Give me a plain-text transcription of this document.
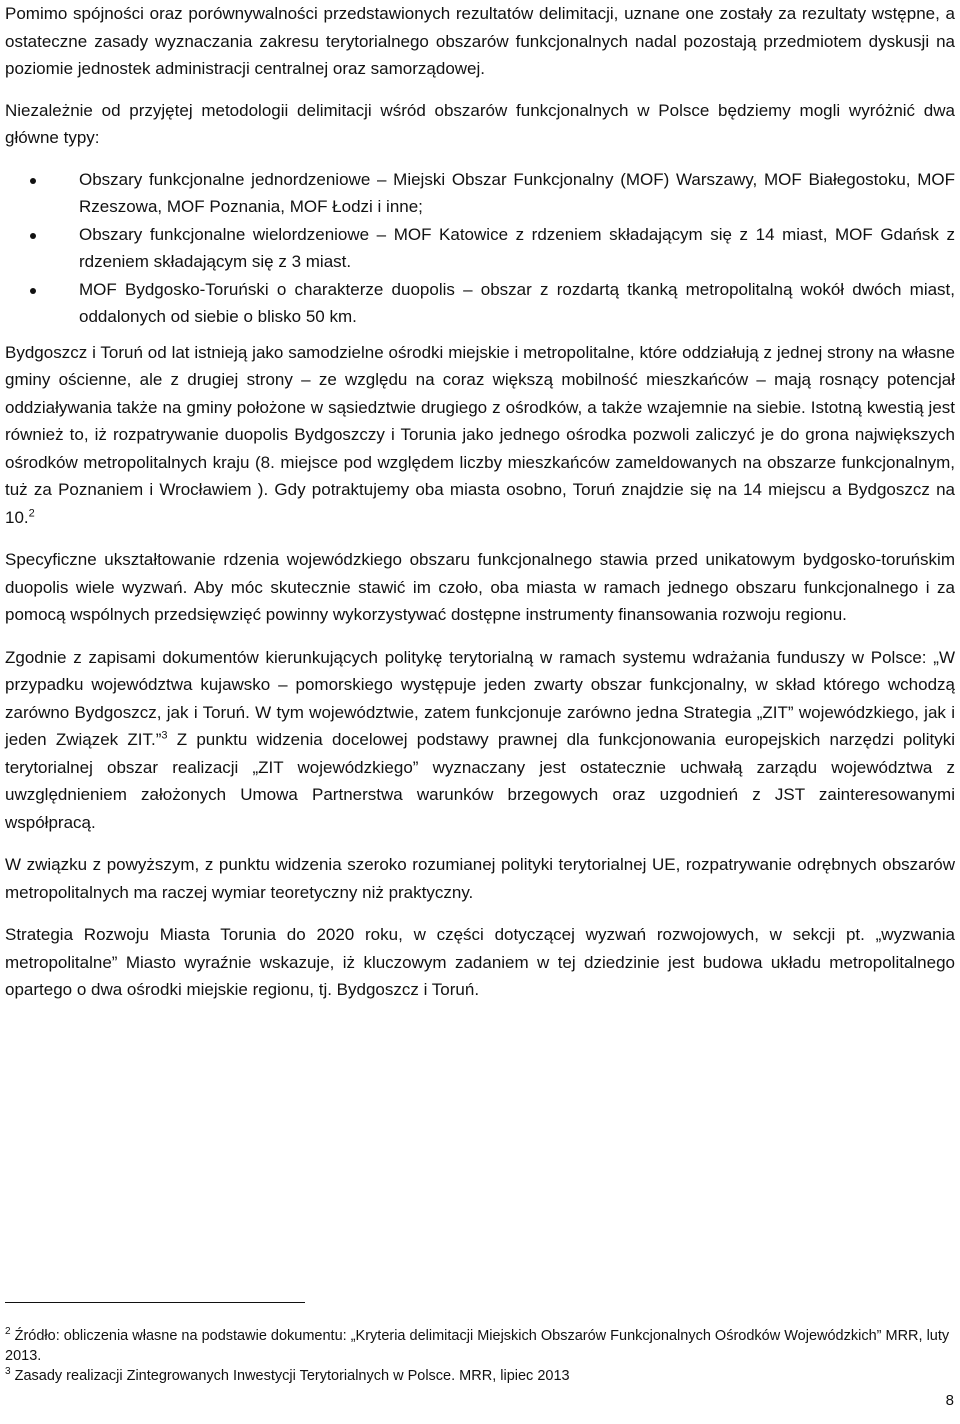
Pomimo spójności oraz porównywalności przedstawionych rezultatów delimitacji, uznane one zostały za rezultaty wstępne, a ostateczne zasady wyznaczania zakresu terytorialnego obszarów funkcjonalnych nadal pozostają przedmiotem dyskusji na poziomie jednostek administracji centralnej oraz samorządowej.

Niezależnie od przyjętej metodologii delimitacji wśród obszarów funkcjonalnych w Polsce będziemy mogli wyróżnić dwa główne typy:

Obszary funkcjonalne jednordzeniowe – Miejski Obszar Funkcjonalny (MOF) Warszawy, MOF Białegostoku, MOF Rzeszowa, MOF Poznania, MOF Łodzi i inne;
Obszary funkcjonalne wielordzeniowe – MOF Katowice z rdzeniem składającym się z 14 miast, MOF Gdańsk z rdzeniem składającym się z 3 miast.
MOF Bydgosko-Toruński o charakterze duopolis – obszar z rozdartą tkanką metropolitalną wokół dwóch miast, oddalonych od siebie o blisko 50 km.

Bydgoszcz i Toruń od lat istnieją jako samodzielne ośrodki miejskie i metropolitalne, które oddziałują z jednej strony na własne gminy ościenne, ale z drugiej strony – ze względu na coraz większą mobilność mieszkańców – mają rosnący potencjał oddziaływania także na gminy położone w sąsiedztwie drugiego z ośrodków, a także wzajemnie na siebie. Istotną kwestią jest również to, iż rozpatrywanie duopolis Bydgoszczy i Torunia jako jednego ośrodka pozwoli zaliczyć je do grona największych ośrodków metropolitalnych kraju (8. miejsce pod względem liczby mieszkańców zameldowanych na obszarze funkcjonalnym, tuż za Poznaniem i Wrocławiem ). Gdy potraktujemy oba miasta osobno, Toruń znajdzie się na 14 miejscu a Bydgoszcz na 10.$^2$

Specyficzne ukształtowanie rdzenia wojewódzkiego obszaru funkcjonalnego stawia przed unikatowym bydgosko-toruńskim duopolis wiele wyzwań. Aby móc skutecznie stawić im czoło, oba miasta w ramach jednego obszaru funkcjonalnego i za pomocą wspólnych przedsięwzięć powinny wykorzystywać dostępne instrumenty finansowania rozwoju regionu.

Zgodnie z zapisami dokumentów kierunkujących politykę terytorialną w ramach systemu wdrażania funduszy w Polsce: „W przypadku województwa kujawsko – pomorskiego występuje jeden zwarty obszar funkcjonalny, w skład którego wchodzą zarówno Bydgoszcz, jak i Toruń. W tym województwie, zatem funkcjonuje zarówno jedna Strategia „ZIT” wojewódzkiego, jak i jeden Związek ZIT.”$^3$ Z punktu widzenia docelowej podstawy prawnej dla funkcjonowania europejskich narzędzi polityki terytorialnej obszar realizacji „ZIT wojewódzkiego” wyznaczany jest ostatecznie uchwałą zarządu województwa z uwzględnieniem założonych Umowa Partnerstwa warunków brzegowych oraz uzgodnień z JST zainteresowanymi współpracą.

W związku z powyższym, z punktu widzenia szeroko rozumianej polityki terytorialnej UE, rozpatrywanie odrębnych obszarów metropolitalnych ma raczej wymiar teoretyczny niż praktyczny.

Strategia Rozwoju Miasta Torunia do 2020 roku, w części dotyczącej wyzwań rozwojowych, w sekcji pt. „wyzwania metropolitalne” Miasto wyraźnie wskazuje, iż kluczowym zadaniem w tej dziedzinie jest budowa układu metropolitalnego opartego o dwa ośrodki miejskie regionu, tj. Bydgoszcz i Toruń.

$^2$ Źródło: obliczenia własne na podstawie dokumentu: „Kryteria delimitacji Miejskich Obszarów Funkcjonalnych Ośrodków Wojewódzkich” MRR, luty 2013.

$^3$ Zasady realizacji Zintegrowanych Inwestycji Terytorialnych w Polsce. MRR, lipiec 2013

8
